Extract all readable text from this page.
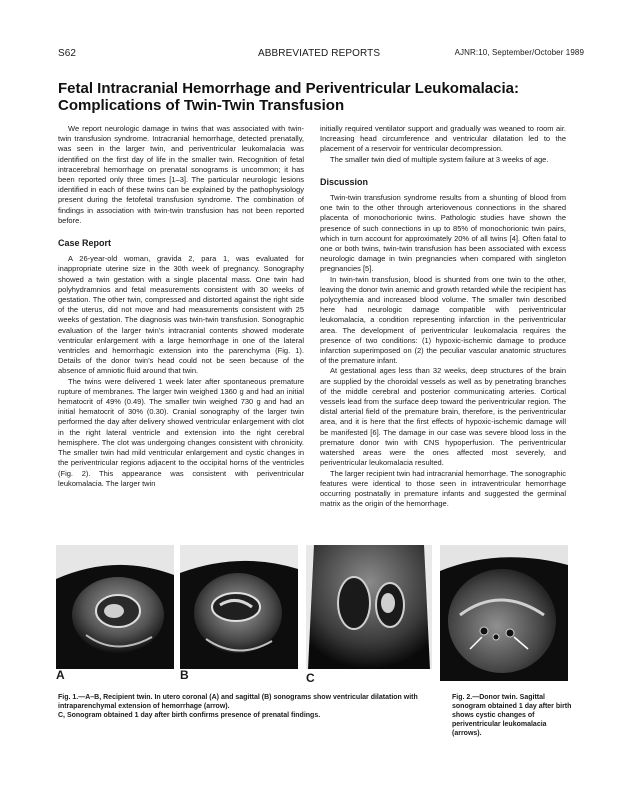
S62	ABBREVIATED REPORTS	AJNR:10, September/October 1989
Fetal Intracranial Hemorrhage and Periventricular Leukomalacia:
Complications of Twin-Twin Transfusion

We report neurologic damage in twins that was associated with twin-twin transfusion syndrome. Intracranial hemorrhage, detected prenatally, was seen in the larger twin, and periventricular leukomalacia was identified on the first day of life in the smaller twin. Recognition of fetal intracerebral hemorrhage on prenatal sonograms is uncommon; it has been reported only three times [1–3]. The particular neurologic lesions identified in each of these twins can be explained by the pathophysiology present during the fetofetal transfusion syndrome. The combination of findings in association with twin-twin transfusion has not been reported before.

Case Report

A 26-year-old woman, gravida 2, para 1, was evaluated for inappropriate uterine size in the 30th week of pregnancy. Sonography showed a twin gestation with a single placental mass. One twin had polyhydramnios and fetal measurements consistent with 30 weeks of gestation. The other twin, compressed and distorted against the right side of the uterus, did not move and had measurements consistent with 25 weeks of gestation. The diagnosis was twin-twin transfusion. Sonographic evaluation of the larger twin’s intracranial contents showed moderate ventricular enlargement with a large hemorrhage in one of the lateral ventricles and hemorrhagic extension into the parenchyma (Fig. 1). Details of the donor twin’s head could not be seen because of the absence of amniotic fluid around that twin.

The twins were delivered 1 week later after spontaneous premature rupture of membranes. The larger twin weighed 1360 g and had an initial hematocrit of 49% (0.49). The smaller twin weighed 730 g and had an initial hematocrit of 30% (0.30). Cranial sonography of the larger twin performed the day after delivery showed ventricular enlargement with clot in the right lateral ventricle and extension into the right cerebral hemisphere. The clot was undergoing changes consistent with chronicity. The smaller twin had mild ventricular enlargement and cystic changes in the periventricular regions adjacent to the occipital horns of the ventricles (Fig. 2). This appearance was consistent with periventricular leukomalacia. The larger twin

initially required ventilator support and gradually was weaned to room air. Increasing head circumference and ventricular dilatation led to the placement of a reservoir for ventricular decompression.

The smaller twin died of multiple system failure at 3 weeks of age.

Discussion

Twin-twin transfusion syndrome results from a shunting of blood from one twin to the other through arteriovenous connections in the shared placenta of monochorionic twins. Pathologic studies have shown the presence of such connections in up to 85% of monochorionic twin pairs, which in turn account for approximately 20% of all twins [4]. Often fatal to one or both twins, twin-twin transfusion has been associated with excess neurologic damage in twin pregnancies when compared with singleton pregnancies [5].

In twin-twin transfusion, blood is shunted from one twin to the other, leaving the donor twin anemic and growth retarded while the recipient has polycythemia and increased blood volume. The smaller twin described here had neurologic damage compatible with periventricular leukomalacia, a condition representing infarction in the periventricular area. The development of periventricular leukomalacia requires the presence of two conditions: (1) hypoxic-ischemic damage to produce infarction superimposed on (2) the peculiar vascular anatomic structures of the premature infant.

At gestational ages less than 32 weeks, deep structures of the brain are supplied by the choroidal vessels as well as by penetrating branches of the middle cerebral and posterior communicating arteries. Cortical vessels lead from the surface deep toward the periventricular region. The distal arterial field of the premature brain, therefore, is the periventricular area, and it is here that the first effects of hypoxic-ischemic damage will be manifested [6]. The damage in our case was severe blood loss in the premature donor twin with CNS hypoperfusion. The periventricular watershed areas were the ones affected most severely, and periventricular leukomalacia resulted.

The larger recipient twin had intracranial hemorrhage. The sonographic features were identical to those seen in intraventricular hemorrhage occurring postnatally in premature infants and suggested the germinal matrix as the origin of the hemorrhage.

A	B	C

Fig. 1.—A–B, Recipient twin. In utero coronal (A) and sagittal (B) sonograms show ventricular dilatation with intraparenchymal extension of hemorrhage (arrow).

C, Sonogram obtained 1 day after birth confirms presence of prenatal findings.

Fig. 2.—Donor twin. Sagittal sonogram obtained 1 day after birth shows cystic changes of periventricular leukomalacia (arrows).
